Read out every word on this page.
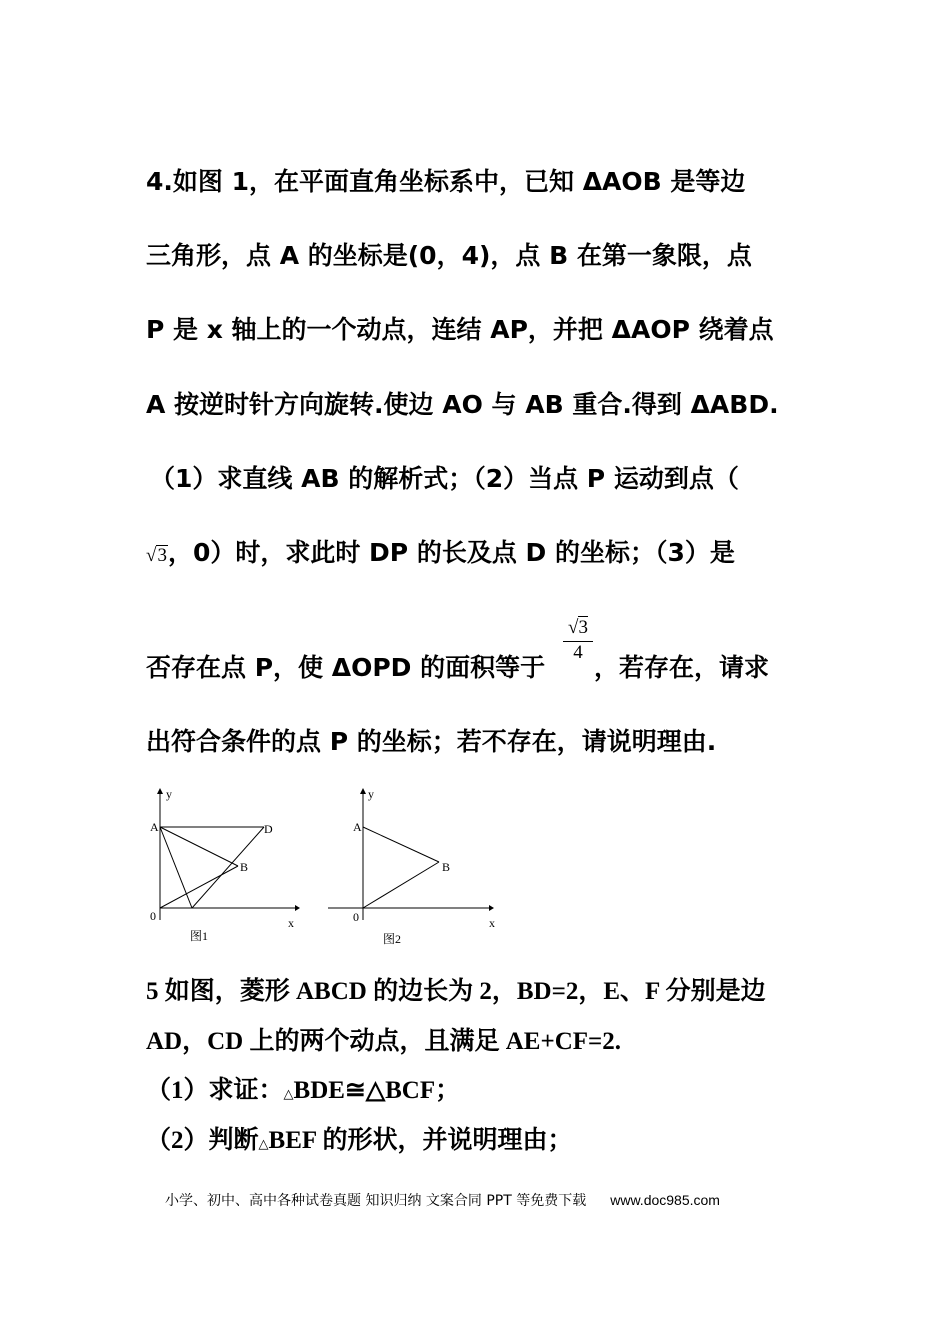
4.如图 1，在平面直角坐标系中，已知 ΔAOB 是等边
三角形，点 A 的坐标是(0，4)，点 B 在第一象限，点
P 是 x 轴上的一个动点，连结 AP，并把 ΔAOP 绕着点
A 按逆时针方向旋转.使边 AO 与 AB 重合.得到 ΔABD.
（1）求直线 AB 的解析式；（2）当点 P 运动到点（
√3，0）时，求此时 DP 的长及点 D 的坐标；（3）是
$\frac{√3}{4}$
否存在点 P，使 ΔOPD 的面积等于 ，若存在，请求
出符合条件的点 P 的坐标；若不存在，请说明理由.
y
x
A
B
D
0
图1
y
x
A
B
0
图2
5 如图，菱形 ABCD 的边长为 2，BD=2，E、F 分别是边
AD，CD 上的两个动点，且满足 AE+CF=2.
（1）求证：△BDE≅△BCF；
（2）判断△BEF 的形状，并说明理由；
小学、初中、高中各种试卷真题 知识归纳 文案合同 PPT 等免费下载 www.doc985.com
